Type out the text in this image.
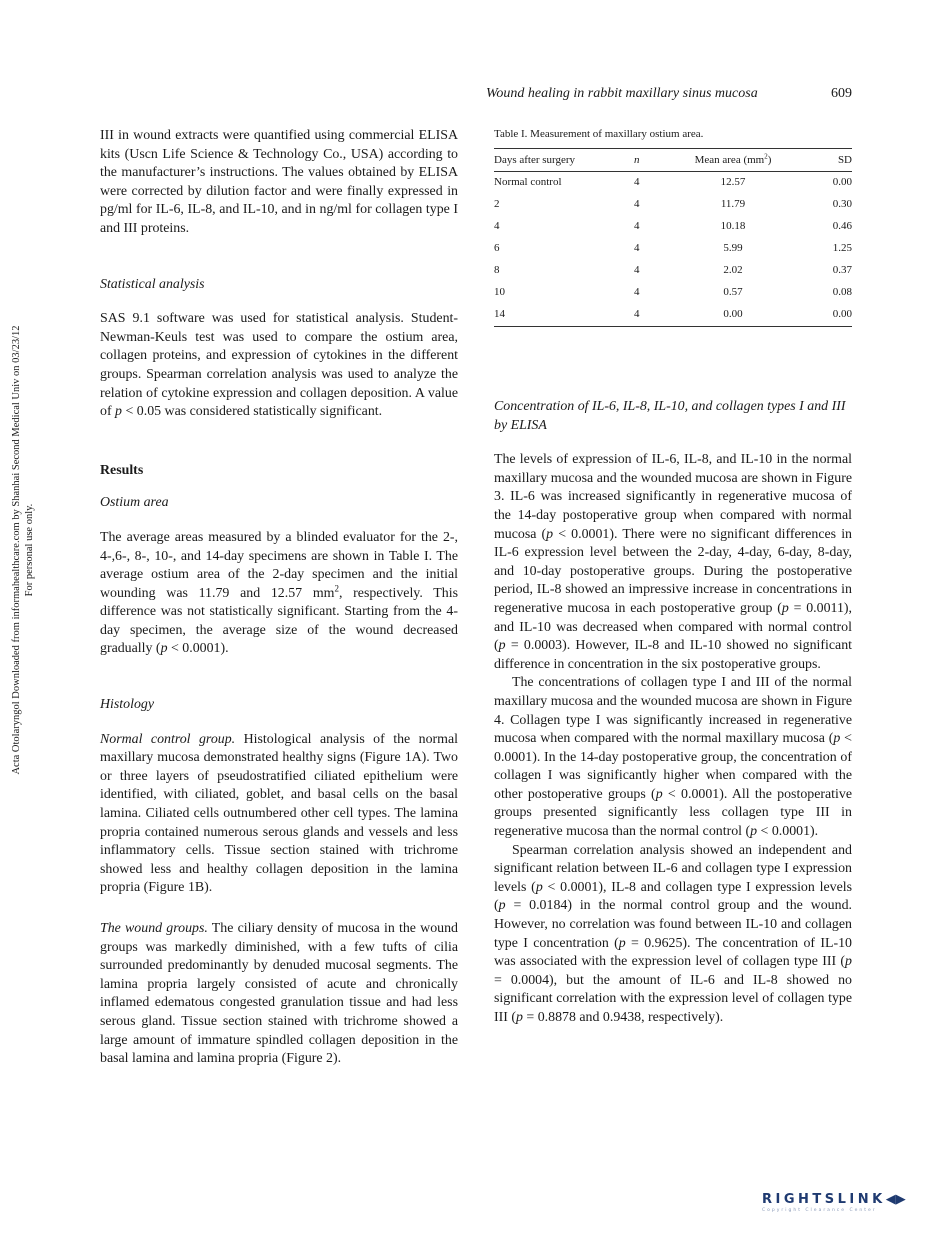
Wound healing in rabbit maxillary sinus mucosa	609
Acta Otolaryngol Downloaded from informahealthcare.com by Shanhai Second Medical Univ on 03/23/12 For personal use only.

III in wound extracts were quantified using commercial ELISA kits (Uscn Life Science & Technology Co., USA) according to the manufacturer’s instructions. The values obtained by ELISA were corrected by dilution factor and were finally expressed in pg/ml for IL-6, IL-8, and IL-10, and in ng/ml for collagen type I and III proteins.

Statistical analysis

SAS 9.1 software was used for statistical analysis. Student-Newman-Keuls test was used to compare the ostium area, collagen proteins, and expression of cytokines in the different groups. Spearman correlation analysis was used to analyze the relation of cytokine expression and collagen deposition. A value of p < 0.05 was considered statistically significant.

Results
Ostium area

The average areas measured by a blinded evaluator for the 2-, 4-,6-, 8-, 10-, and 14-day specimens are shown in Table I. The average ostium area of the 2-day specimen and the initial wounding was 11.79 and 12.57 $mm^2$, respectively. This difference was not statistically significant. Starting from the 4-day specimen, the average size of the wound decreased gradually (p < 0.0001).

Histology

Normal control group. Histological analysis of the normal maxillary mucosa demonstrated healthy signs (Figure 1A). Two or three layers of pseudostratified ciliated epithelium were identified, with ciliated, goblet, and basal cells on the basal lamina. Ciliated cells outnumbered other cell types. The lamina propria contained numerous serous glands and vessels and less inflammatory cells. Tissue section stained with trichrome showed less and healthy collagen deposition in the lamina propria (Figure 1B).

The wound groups. The ciliary density of mucosa in the wound groups was markedly diminished, with a few tufts of cilia surrounded predominantly by denuded mucosal segments. The lamina propria largely consisted of acute and chronically inflamed edematous congested granulation tissue and had less serous gland. Tissue section stained with trichrome showed a large amount of immature spindled collagen deposition in the basal lamina and lamina propria (Figure 2).

Table I. Measurement of maxillary ostium area.
Days after surgery	n	Mean area $(mm^2)$	SD
Normal control	4	12.57	0.00
2	4	11.79	0.30
4	4	10.18	0.46
6	4	5.99	1.25
8	4	2.02	0.37
10	4	0.57	0.08
14	4	0.00	0.00
Concentration of IL-6, IL-8, IL-10, and collagen types I and III by ELISA

The levels of expression of IL-6, IL-8, and IL-10 in the normal maxillary mucosa and the wounded mucosa are shown in Figure 3. IL-6 was increased significantly in regenerative mucosa of the 14-day postoperative group when compared with normal mucosa (p < 0.0001). There were no significant differences in IL-6 expression level between the 2-day, 4-day, 6-day, 8-day, and 10-day postoperative groups. During the postoperative period, IL-8 showed an impressive increase in concentrations in regenerative mucosa in each postoperative group (p = 0.0011), and IL-10 was decreased when compared with normal control (p = 0.0003). However, IL-8 and IL-10 showed no significant difference in concentration in the six postoperative groups.

The concentrations of collagen type I and III of the normal maxillary mucosa and the wounded mucosa are shown in Figure 4. Collagen type I was significantly increased in regenerative mucosa when compared with the normal maxillary mucosa (p < 0.0001). In the 14-day postoperative group, the concentration of collagen I was significantly higher when compared with the other postoperative groups (p < 0.0001). All the postoperative groups presented significantly less collagen type III in regenerative mucosa than the normal control (p < 0.0001).

Spearman correlation analysis showed an independent and significant relation between IL-6 and collagen type I expression levels (p < 0.0001), IL-8 and collagen type I expression levels (p = 0.0184) in the normal control group and the wound. However, no correlation was found between IL-10 and collagen type I concentration (p = 0.9625). The concentration of IL-10 was associated with the expression level of collagen type III (p = 0.0004), but the amount of IL-6 and IL-8 showed no significant correlation with the expression level of collagen type III (p = 0.8878 and 0.9438, respectively).

RIGHTSLINK◀▶
Copyright Clearance Center
